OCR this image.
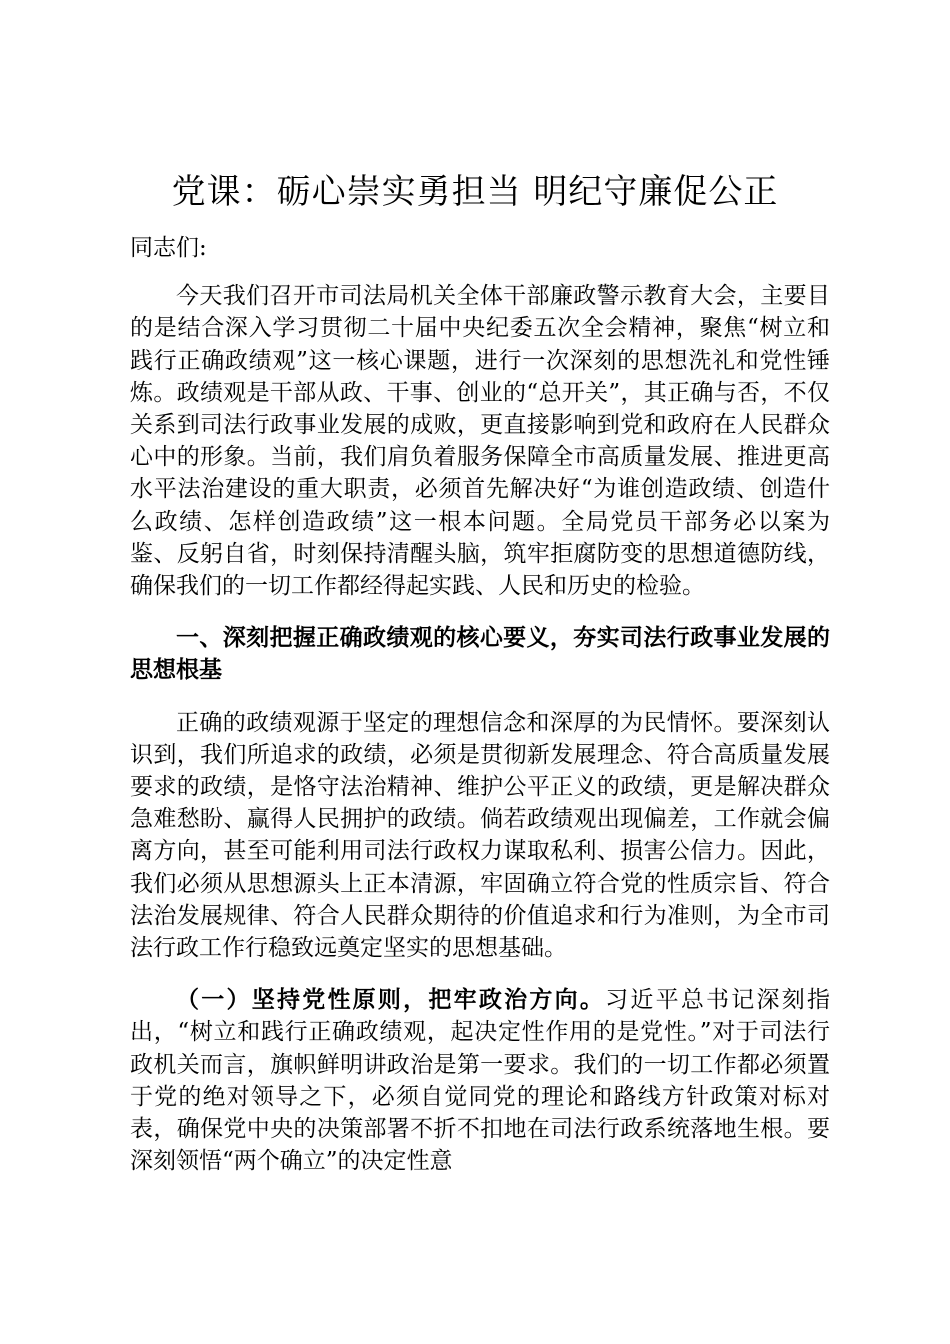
党课：砺心崇实勇担当 明纪守廉促公正

同志们:

今天我们召开市司法局机关全体干部廉政警示教育大会，主要目的是结合深入学习贯彻二十届中央纪委五次全会精神，聚焦“树立和践行正确政绩观”这一核心课题，进行一次深刻的思想洗礼和党性锤炼。政绩观是干部从政、干事、创业的“总开关”，其正确与否，不仅关系到司法行政事业发展的成败，更直接影响到党和政府在人民群众心中的形象。当前，我们肩负着服务保障全市高质量发展、推进更高水平法治建设的重大职责，必须首先解决好“为谁创造政绩、创造什么政绩、怎样创造政绩”这一根本问题。全局党员干部务必以案为鉴、反躬自省，时刻保持清醒头脑，筑牢拒腐防变的思想道德防线，确保我们的一切工作都经得起实践、人民和历史的检验。

一、深刻把握正确政绩观的核心要义，夯实司法行政事业发展的思想根基

正确的政绩观源于坚定的理想信念和深厚的为民情怀。要深刻认识到，我们所追求的政绩，必须是贯彻新发展理念、符合高质量发展要求的政绩，是恪守法治精神、维护公平正义的政绩，更是解决群众急难愁盼、赢得人民拥护的政绩。倘若政绩观出现偏差，工作就会偏离方向，甚至可能利用司法行政权力谋取私利、损害公信力。因此，我们必须从思想源头上正本清源，牢固确立符合党的性质宗旨、符合法治发展规律、符合人民群众期待的价值追求和行为准则，为全市司法行政工作行稳致远奠定坚实的思想基础。

（一）坚持党性原则，把牢政治方向。习近平总书记深刻指出，“树立和践行正确政绩观，起决定性作用的是党性。”对于司法行政机关而言，旗帜鲜明讲政治是第一要求。我们的一切工作都必须置于党的绝对领导之下，必须自觉同党的理论和路线方针政策对标对表，确保党中央的决策部署不折不扣地在司法行政系统落地生根。要深刻领悟“两个确立”的决定性意
